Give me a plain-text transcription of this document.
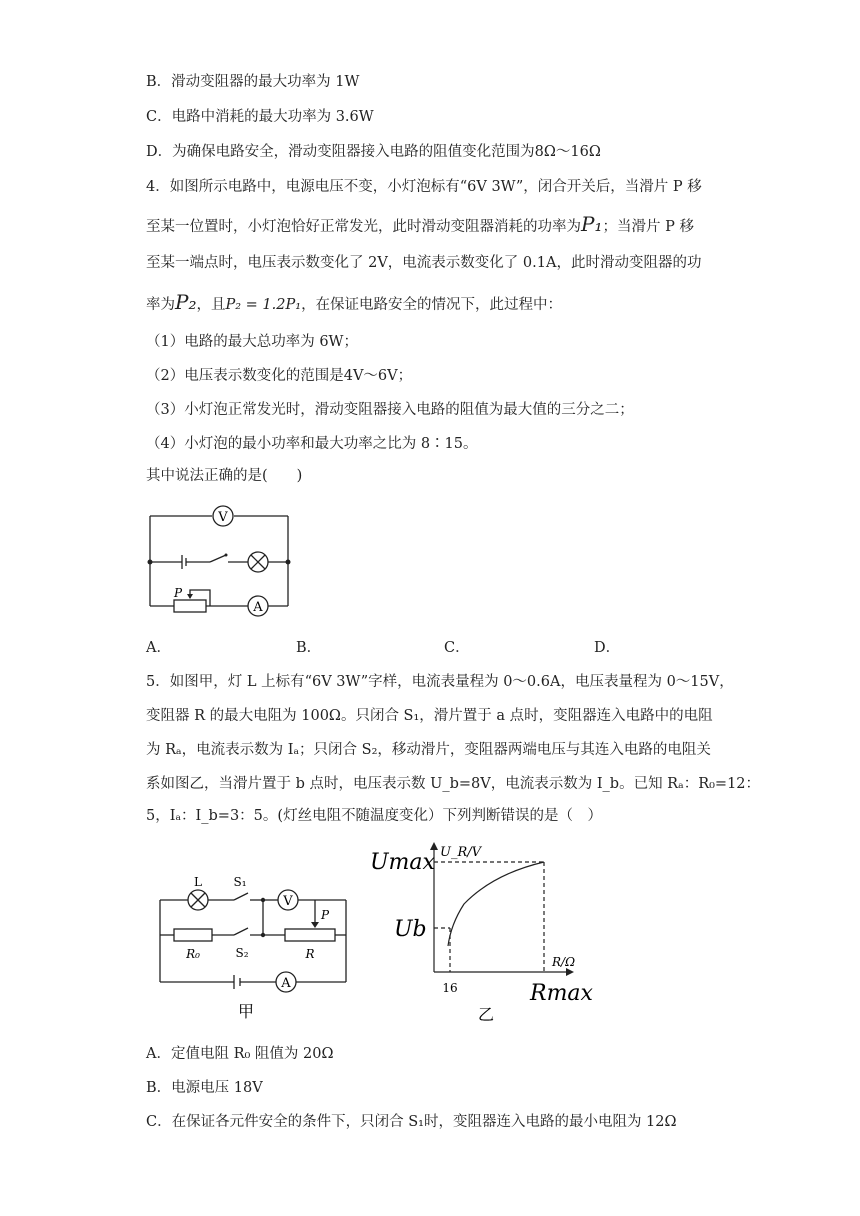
B．滑动变阻器的最大功率为 1W
C．电路中消耗的最大功率为 3.6W
D．为确保电路安全，滑动变阻器接入电路的阻值变化范围为8Ω～16Ω
4．如图所示电路中，电源电压不变，小灯泡标有“6V 3W”，闭合开关后，当滑片 P 移
至某一位置时，小灯泡恰好正常发光，此时滑动变阻器消耗的功率为P₁；当滑片 P 移
至某一端点时，电压表示数变化了 2V，电流表示数变化了 0.1A，此时滑动变阻器的功
率为P₂，且P₂ = 1.2P₁，在保证电路安全的情况下，此过程中：
（1）电路的最大总功率为 6W；
（2）电压表示数变化的范围是4V～6V；
（3）小灯泡正常发光时，滑动变阻器接入电路的阻值为最大值的三分之二；
（4）小灯泡的最小功率和最大功率之比为 8∶15。
其中说法正确的是(　　)
V
A
P
A．	B．	C．	D．
5．如图甲，灯 L 上标有“6V 3W”字样，电流表量程为 0～0.6A，电压表量程为 0～15V，
变阻器 R 的最大电阻为 100Ω。只闭合 S₁，滑片置于 a 点时，变阻器连入电路中的电阻
为 Rₐ，电流表示数为 Iₐ；只闭合 S₂，移动滑片，变阻器两端电压与其连入电路的电阻关
系如图乙，当滑片置于 b 点时，电压表示数 U_b=8V，电流表示数为 I_b。已知 Rₐ：R₀=12：
5，Iₐ：I_b=3：5。(灯丝电阻不随温度变化）下列判断错误的是（　）
L	S₁
S₂
V
A
R₀	R
P
甲
Umax U_R/V
Ub
R/Ω
16	Rmax
乙
A．定值电阻 R₀ 阻值为 20Ω
B．电源电压 18V
C．在保证各元件安全的条件下，只闭合 S₁时，变阻器连入电路的最小电阻为 12Ω
